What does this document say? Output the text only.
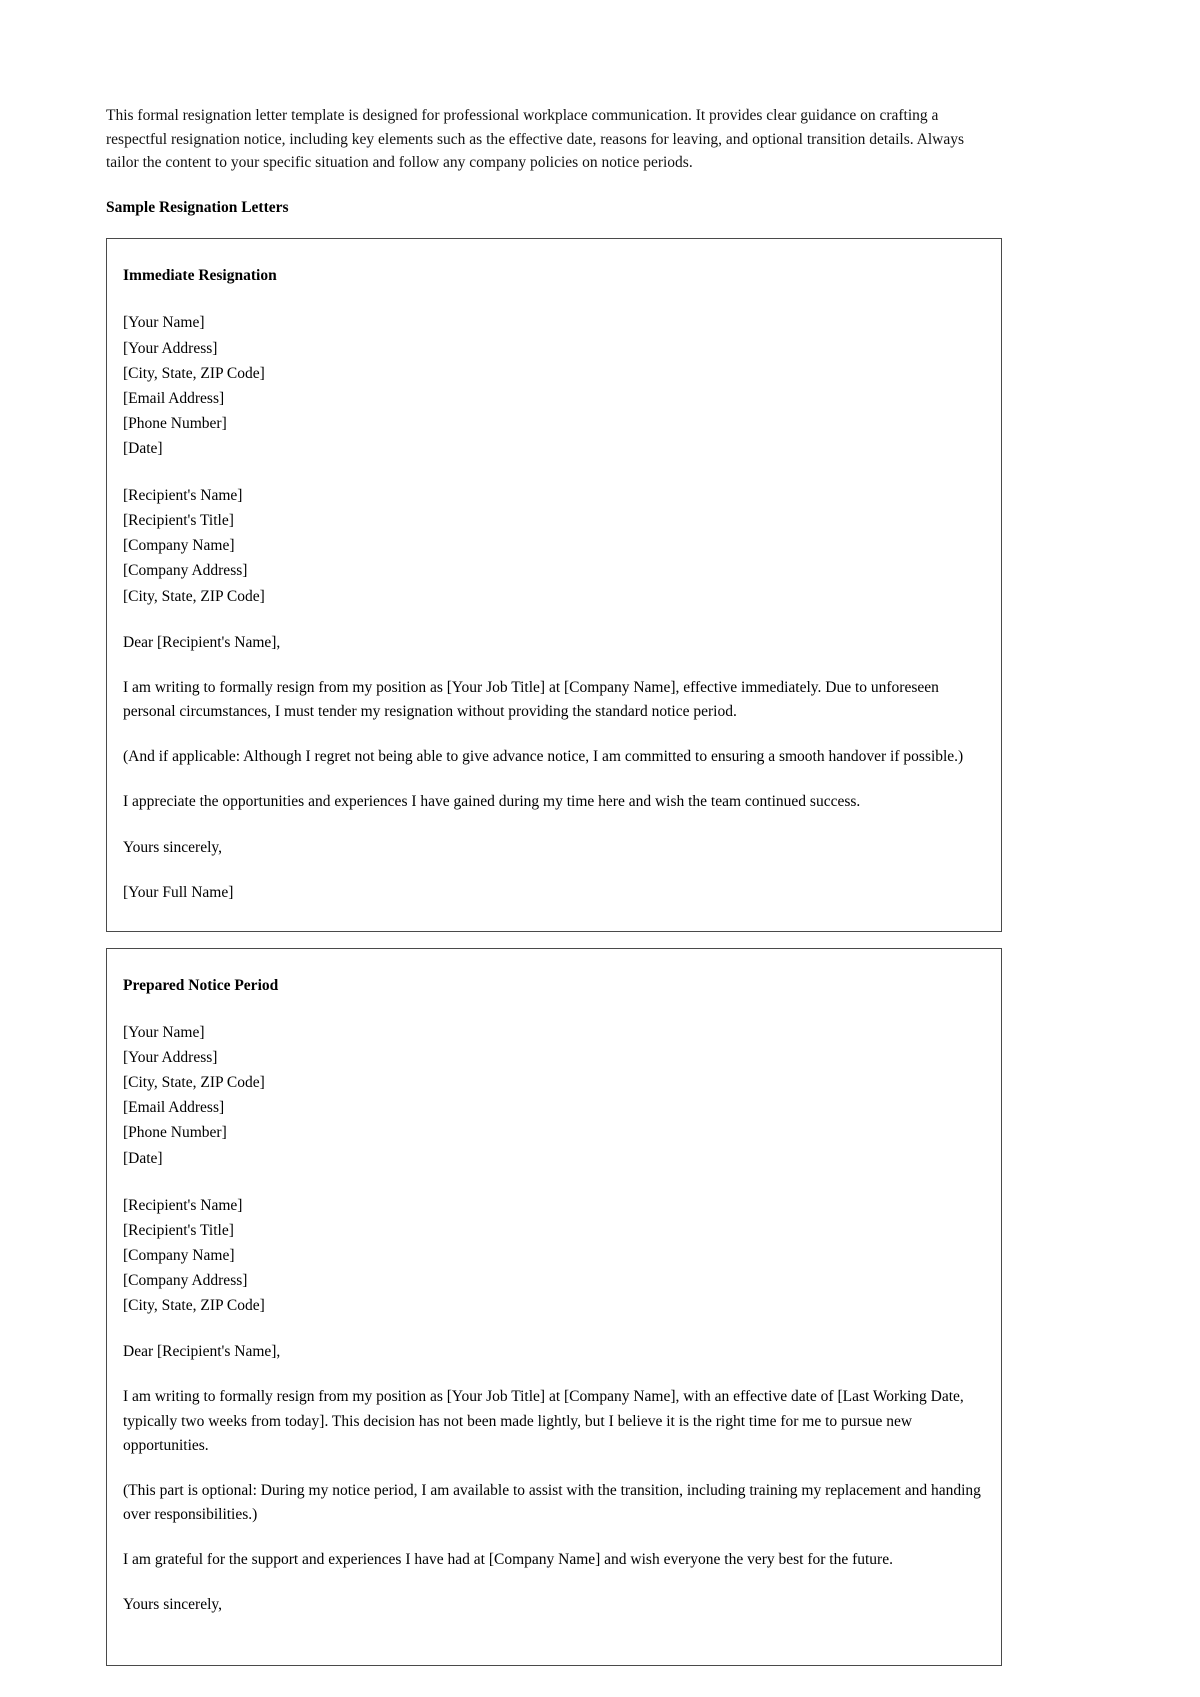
This formal resignation letter template is designed for professional workplace communication. It provides clear guidance on crafting a respectful resignation notice, including key elements such as the effective date, reasons for leaving, and optional transition details. Always tailor the content to your specific situation and follow any company policies on notice periods.

Sample Resignation Letters
Immediate Resignation
[Your Name]
[Your Address]
[City, State, ZIP Code]
[Email Address]
[Phone Number]
[Date]
[Recipient's Name]
[Recipient's Title]
[Company Name]
[Company Address]
[City, State, ZIP Code]

Dear [Recipient's Name],

I am writing to formally resign from my position as [Your Job Title] at [Company Name], effective immediately. Due to unforeseen personal circumstances, I must tender my resignation without providing the standard notice period.

(And if applicable: Although I regret not being able to give advance notice, I am committed to ensuring a smooth handover if possible.)

I appreciate the opportunities and experiences I have gained during my time here and wish the team continued success.

Yours sincerely,

[Your Full Name]

Prepared Notice Period
[Your Name]
[Your Address]
[City, State, ZIP Code]
[Email Address]
[Phone Number]
[Date]
[Recipient's Name]
[Recipient's Title]
[Company Name]
[Company Address]
[City, State, ZIP Code]

Dear [Recipient's Name],

I am writing to formally resign from my position as [Your Job Title] at [Company Name], with an effective date of [Last Working Date, typically two weeks from today]. This decision has not been made lightly, but I believe it is the right time for me to pursue new opportunities.

(This part is optional: During my notice period, I am available to assist with the transition, including training my replacement and handing over responsibilities.)

I am grateful for the support and experiences I have had at [Company Name] and wish everyone the very best for the future.

Yours sincerely,
